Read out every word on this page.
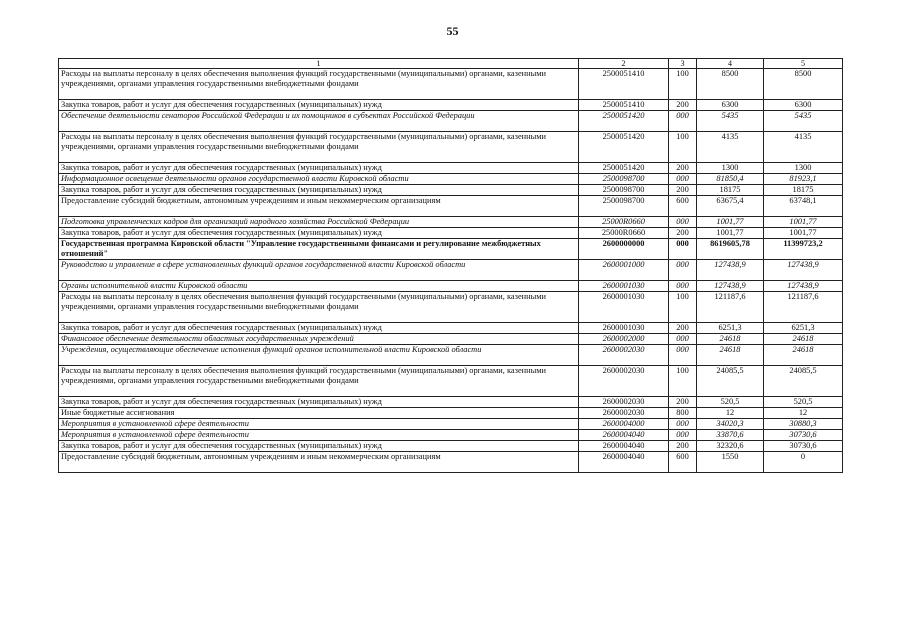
55
1	2	3	4	5
Расходы на выплаты персоналу в целях обеспечения выполнения функций государственными (муниципальными) органами, казенными учреждениями, органами управления государственными внебюджетными фондами	2500051410	100	8500	8500
Закупка товаров, работ и услуг для обеспечения государственных (муниципальных) нужд	2500051410	200	6300	6300
Обеспечение деятельности сенаторов Российской Федерации и их помощников в субъектах Российской Федерации	2500051420	000	5435	5435
Расходы на выплаты персоналу в целях обеспечения выполнения функций государственными (муниципальными) органами, казенными учреждениями, органами управления государственными внебюджетными фондами	2500051420	100	4135	4135
Закупка товаров, работ и услуг для обеспечения государственных (муниципальных) нужд	2500051420	200	1300	1300
Информационное освещение деятельности органов государственной власти Кировской области	2500098700	000	81850,4	81923,1
Закупка товаров, работ и услуг для обеспечения государственных (муниципальных) нужд	2500098700	200	18175	18175
Предоставление субсидий бюджетным, автономным учреждениям и иным некоммерческим организациям	2500098700	600	63675,4	63748,1
Подготовка управленческих кадров для организаций народного хозяйства Российской Федерации	25000R0660	000	1001,77	1001,77
Закупка товаров, работ и услуг для обеспечения государственных (муниципальных) нужд	25000R0660	200	1001,77	1001,77
Государственная программа Кировской области "Управление государственными финансами и регулирование межбюджетных отношений"	2600000000	000	8619605,78	11399723,2
Руководство и управление в сфере установленных функций органов государственной власти Кировской области	2600001000	000	127438,9	127438,9
Органы исполнительной власти Кировской области	2600001030	000	127438,9	127438,9
Расходы на выплаты персоналу в целях обеспечения выполнения функций государственными (муниципальными) органами, казенными учреждениями, органами управления государственными внебюджетными фондами	2600001030	100	121187,6	121187,6
Закупка товаров, работ и услуг для обеспечения государственных (муниципальных) нужд	2600001030	200	6251,3	6251,3
Финансовое обеспечение деятельности областных государственных учреждений	2600002000	000	24618	24618
Учреждения, осуществляющие обеспечение исполнения функций органов исполнительной власти Кировской области	2600002030	000	24618	24618
Расходы на выплаты персоналу в целях обеспечения выполнения функций государственными (муниципальными) органами, казенными учреждениями, органами управления государственными внебюджетными фондами	2600002030	100	24085,5	24085,5
Закупка товаров, работ и услуг для обеспечения государственных (муниципальных) нужд	2600002030	200	520,5	520,5
Иные бюджетные ассигнования	2600002030	800	12	12
Мероприятия в установленной сфере деятельности	2600004000	000	34020,3	30880,3
Мероприятия в установленной сфере деятельности	2600004040	000	33870,6	30730,6
Закупка товаров, работ и услуг для обеспечения государственных (муниципальных) нужд	2600004040	200	32320,6	30730,6
Предоставление субсидий бюджетным, автономным учреждениям и иным некоммерческим организациям	2600004040	600	1550	0
